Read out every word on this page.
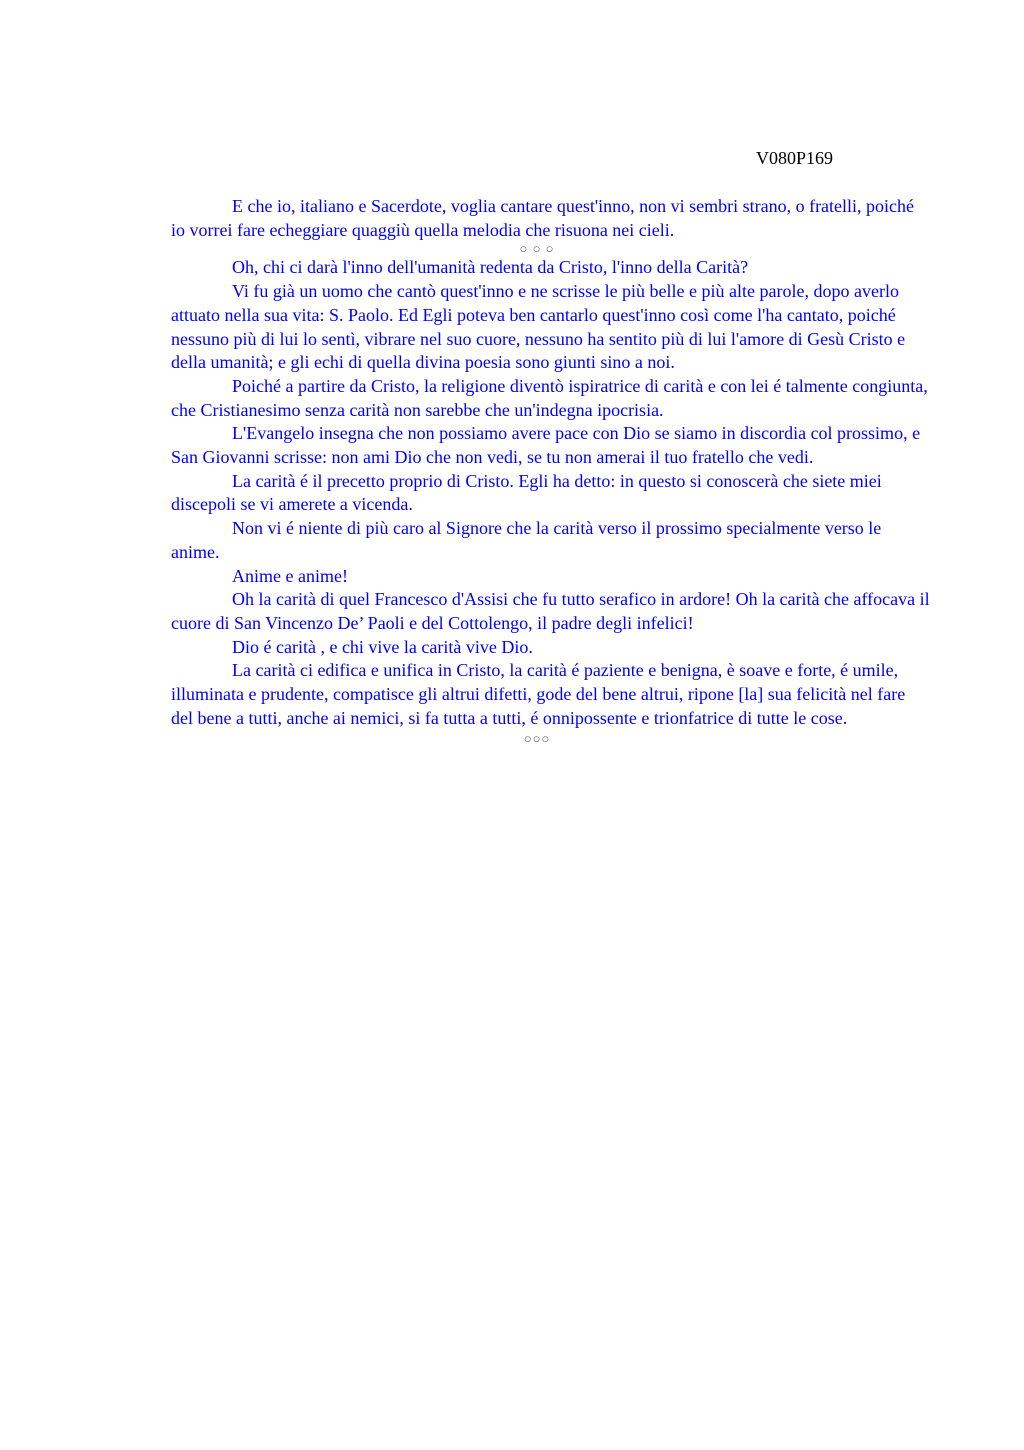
V080P169

E che io, italiano e Sacerdote, voglia cantare quest'inno, non vi sembri strano, o fratelli, poiché io vorrei fare echeggiare quaggiù quella melodia che risuona nei cieli.

○ ○ ○

Oh, chi ci darà l'inno dell'umanità redenta da Cristo, l'inno della Carità?

Vi fu già un uomo che cantò quest'inno e ne scrisse le più belle e più alte parole, dopo averlo attuato nella sua vita: S. Paolo. Ed Egli poteva ben cantarlo quest'inno così come l'ha cantato, poiché nessuno più di lui lo sentì, vibrare nel suo cuore, nessuno ha sentito più di lui l'amore di Gesù Cristo e della umanità; e gli echi di quella divina poesia sono giunti sino a noi.

Poiché a partire da Cristo, la religione diventò ispiratrice di carità e con lei é talmente congiunta, che Cristianesimo senza carità non sarebbe che un'indegna ipocrisia.

L'Evangelo insegna che non possiamo avere pace con Dio se siamo in discordia col prossimo, e San Giovanni scrisse: non ami Dio che non vedi, se tu non amerai il tuo fratello che vedi.

La carità é il precetto proprio di Cristo. Egli ha detto: in questo si conoscerà che siete miei discepoli se vi amerete a vicenda.

Non vi é niente di più caro al Signore che la carità verso il prossimo specialmente verso le anime.

Anime e anime!

Oh la carità di quel Francesco d'Assisi che fu tutto serafico in ardore! Oh la carità che affocava il cuore di San Vincenzo De’ Paoli e del Cottolengo, il padre degli infelici!

Dio é carità , e chi vive la carità vive Dio.

La carità ci edifica e unifica in Cristo, la carità é paziente e benigna, è soave e forte, é umile, illuminata e prudente, compatisce gli altrui difetti, gode del bene altrui, ripone [la] sua felicità nel fare del bene a tutti, anche ai nemici, si fa tutta a tutti, é onnipossente e trionfatrice di tutte le cose.

○○○
